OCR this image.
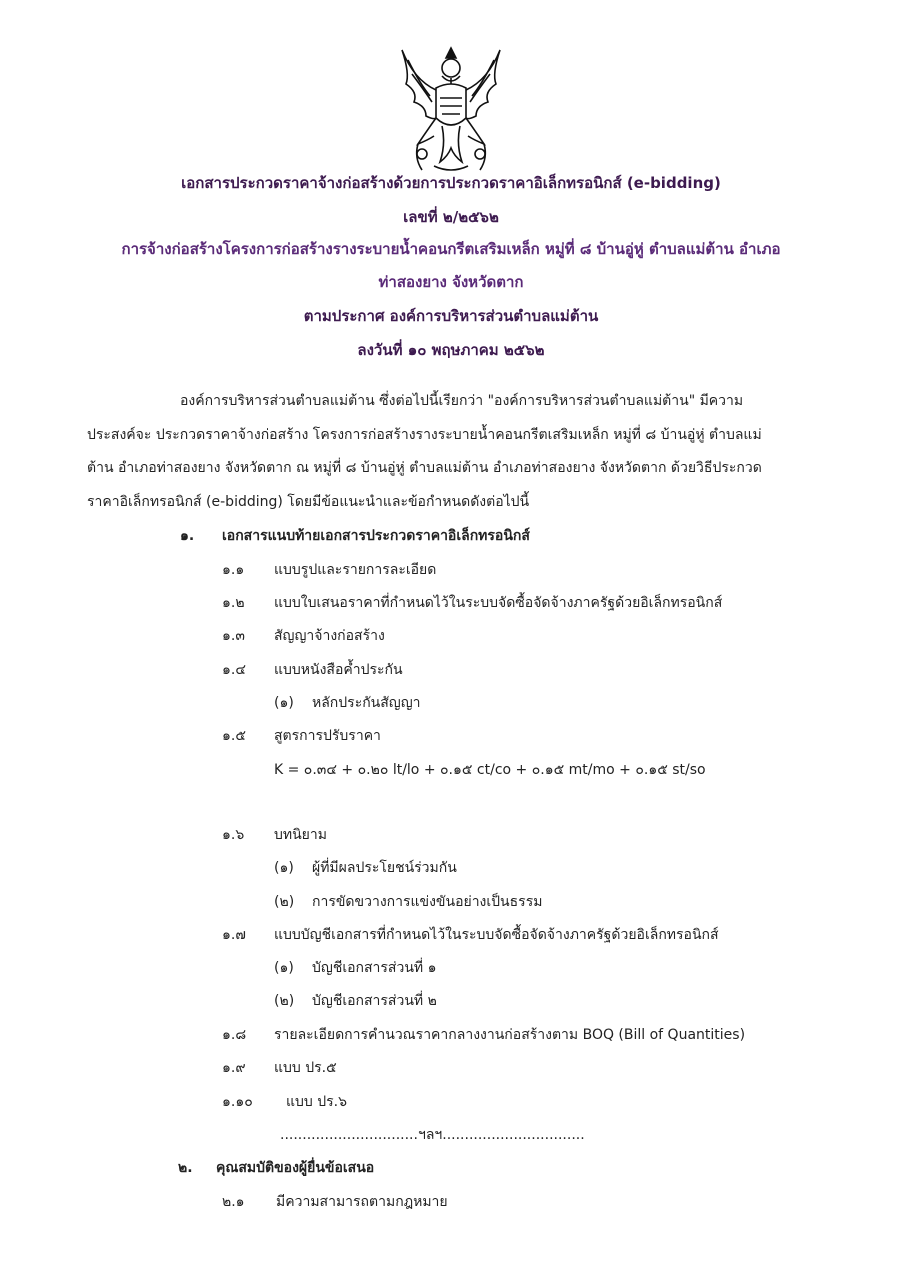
เอกสารประกวดราคาจ้างก่อสร้างด้วยการประกวดราคาอิเล็กทรอนิกส์ (e-bidding)
เลขที่ ๒/๒๕๖๒
การจ้างก่อสร้างโครงการก่อสร้างรางระบายน้ำคอนกรีตเสริมเหล็ก หมู่ที่ ๘ บ้านอู่หู่ ตำบลแม่ต้าน อำเภอ
ท่าสองยาง จังหวัดตาก
ตามประกาศ องค์การบริหารส่วนตำบลแม่ต้าน
ลงวันที่ ๑๐ พฤษภาคม ๒๕๖๒
องค์การบริหารส่วนตำบลแม่ต้าน ซึ่งต่อไปนี้เรียกว่า "องค์การบริหารส่วนตำบลแม่ต้าน" มีความ
ประสงค์จะ ประกวดราคาจ้างก่อสร้าง โครงการก่อสร้างรางระบายน้ำคอนกรีตเสริมเหล็ก หมู่ที่ ๘ บ้านอู่หู่ ตำบลแม่
ต้าน อำเภอท่าสองยาง จังหวัดตาก ณ หมู่ที่ ๘ บ้านอู่หู่ ตำบลแม่ต้าน อำเภอท่าสองยาง จังหวัดตาก ด้วยวิธีประกวด
ราคาอิเล็กทรอนิกส์ (e-bidding) โดยมีข้อแนะนำและข้อกำหนดดังต่อไปนี้
๑. เอกสารแนบท้ายเอกสารประกวดราคาอิเล็กทรอนิกส์
๑.๑ แบบรูปและรายการละเอียด
๑.๒ แบบใบเสนอราคาที่กำหนดไว้ในระบบจัดซื้อจัดจ้างภาครัฐด้วยอิเล็กทรอนิกส์
๑.๓ สัญญาจ้างก่อสร้าง
๑.๔ แบบหนังสือค้ำประกัน
(๑) หลักประกันสัญญา
๑.๕ สูตรการปรับราคา
K = ๐.๓๔ + ๐.๒๐ lt/lo + ๐.๑๕ ct/co + ๐.๑๕ mt/mo + ๐.๑๕ st/so
๑.๖ บทนิยาม
(๑) ผู้ที่มีผลประโยชน์ร่วมกัน
(๒) การขัดขวางการแข่งขันอย่างเป็นธรรม
๑.๗ แบบบัญชีเอกสารที่กำหนดไว้ในระบบจัดซื้อจัดจ้างภาครัฐด้วยอิเล็กทรอนิกส์
(๑) บัญชีเอกสารส่วนที่ ๑
(๒) บัญชีเอกสารส่วนที่ ๒
๑.๘ รายละเอียดการคำนวณราคากลางงานก่อสร้างตาม BOQ (Bill of Quantities)
๑.๙ แบบ ปร.๕
๑.๑๐ แบบ ปร.๖
...............................ฯลฯ................................
๒. คุณสมบัติของผู้ยื่นข้อเสนอ
๒.๑ มีความสามารถตามกฎหมาย
